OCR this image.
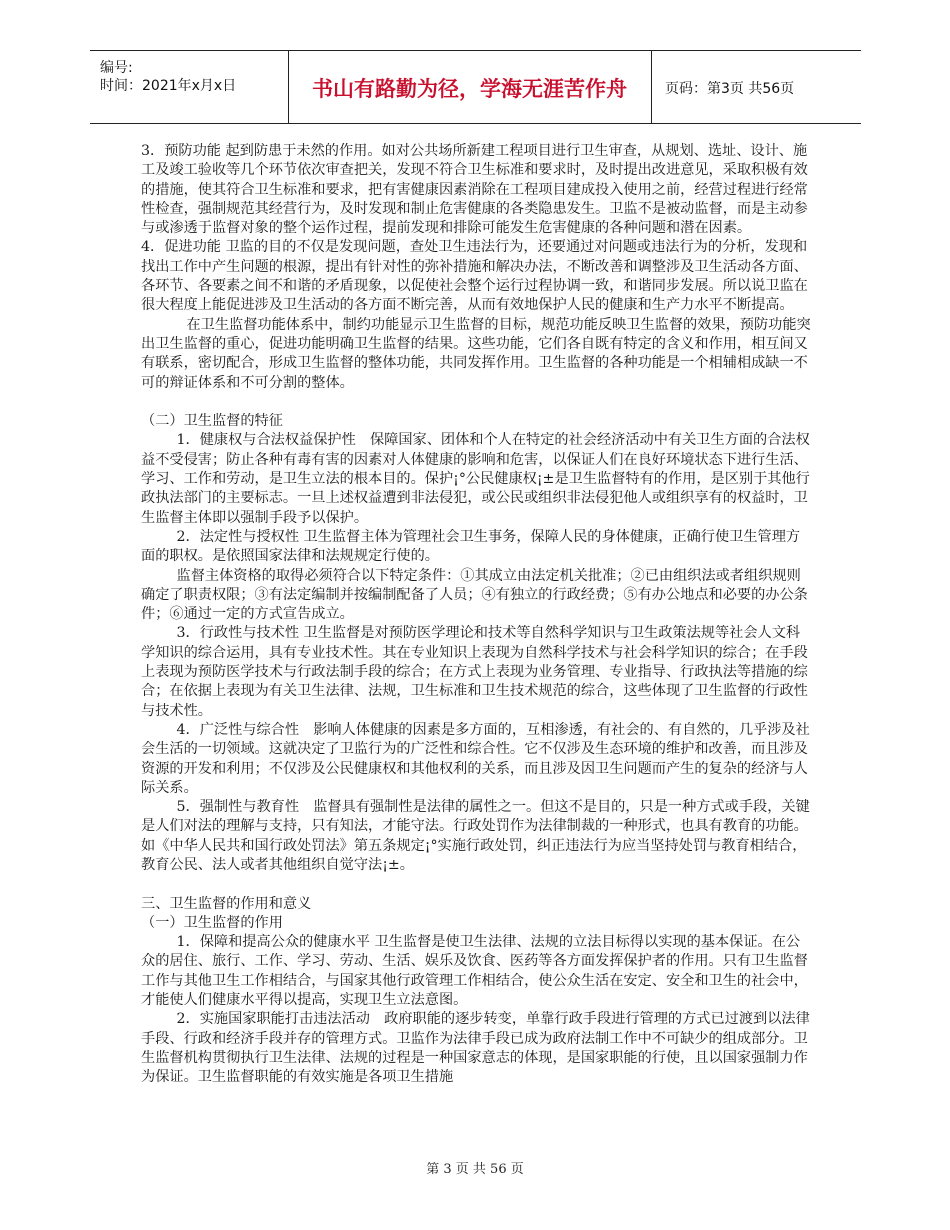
编号:
时间：2021年x月x日	书山有路勤为径，学海无涯苦作舟	页码：第3页 共56页

3．预防功能 起到防患于未然的作用。如对公共场所新建工程项目进行卫生审查，从规划、选址、设计、施工及竣工验收等几个环节依次审查把关，发现不符合卫生标准和要求时，及时提出改进意见，采取积极有效的措施，使其符合卫生标准和要求，把有害健康因素消除在工程项目建成投入使用之前，经营过程进行经常性检查，强制规范其经营行为，及时发现和制止危害健康的各类隐患发生。卫监不是被动监督，而是主动参与或渗透于监督对象的整个运作过程，提前发现和排除可能发生危害健康的各种问题和潜在因素。

4．促进功能 卫监的目的不仅是发现问题，查处卫生违法行为，还要通过对问题或违法行为的分析，发现和找出工作中产生问题的根源，提出有针对性的弥补措施和解决办法，不断改善和调整涉及卫生活动各方面、各环节、各要素之间不和谐的矛盾现象，以促使社会整个运行过程协调一致，和谐同步发展。所以说卫监在很大程度上能促进涉及卫生活动的各方面不断完善，从而有效地保护人民的健康和生产力水平不断提高。

在卫生监督功能体系中，制约功能显示卫生监督的目标，规范功能反映卫生监督的效果，预防功能突出卫生监督的重心，促进功能明确卫生监督的结果。这些功能，它们各自既有特定的含义和作用，相互间又有联系，密切配合，形成卫生监督的整体功能，共同发挥作用。卫生监督的各种功能是一个相辅相成缺一不可的辩证体系和不可分割的整体。

（二）卫生监督的特征

1．健康权与合法权益保护性　保障国家、团体和个人在特定的社会经济活动中有关卫生方面的合法权益不受侵害；防止各种有毒有害的因素对人体健康的影响和危害，以保证人们在良好环境状态下进行生活、学习、工作和劳动，是卫生立法的根本目的。保护¡°公民健康权¡±是卫生监督特有的作用，是区别于其他行政执法部门的主要标志。一旦上述权益遭到非法侵犯，或公民或组织非法侵犯他人或组织享有的权益时，卫生监督主体即以强制手段予以保护。

2．法定性与授权性 卫生监督主体为管理社会卫生事务，保障人民的身体健康，正确行使卫生管理方面的职权。是依照国家法律和法规规定行使的。

监督主体资格的取得必须符合以下特定条件：①其成立由法定机关批准；②已由组织法或者组织规则确定了职责权限；③有法定编制并按编制配备了人员；④有独立的行政经费；⑤有办公地点和必要的办公条件；⑥通过一定的方式宣告成立。

3．行政性与技术性 卫生监督是对预防医学理论和技术等自然科学知识与卫生政策法规等社会人文科学知识的综合运用，具有专业技术性。其在专业知识上表现为自然科学技术与社会科学知识的综合；在手段上表现为预防医学技术与行政法制手段的综合；在方式上表现为业务管理、专业指导、行政执法等措施的综合；在依据上表现为有关卫生法律、法规，卫生标准和卫生技术规范的综合，这些体现了卫生监督的行政性与技术性。

4．广泛性与综合性　影响人体健康的因素是多方面的，互相渗透，有社会的、有自然的，几乎涉及社会生活的一切领域。这就决定了卫监行为的广泛性和综合性。它不仅涉及生态环境的维护和改善，而且涉及资源的开发和利用；不仅涉及公民健康权和其他权利的关系，而且涉及因卫生问题而产生的复杂的经济与人际关系。

5．强制性与教育性　监督具有强制性是法律的属性之一。但这不是目的，只是一种方式或手段，关键是人们对法的理解与支持，只有知法，才能守法。行政处罚作为法律制裁的一种形式，也具有教育的功能。如《中华人民共和国行政处罚法》第五条规定¡°实施行政处罚，纠正违法行为应当坚持处罚与教育相结合，教育公民、法人或者其他组织自觉守法¡±。

三、卫生监督的作用和意义

（一）卫生监督的作用

1．保障和提高公众的健康水平 卫生监督是使卫生法律、法规的立法目标得以实现的基本保证。在公众的居住、旅行、工作、学习、劳动、生活、娱乐及饮食、医药等各方面发挥保护者的作用。只有卫生监督工作与其他卫生工作相结合，与国家其他行政管理工作相结合，使公众生活在安定、安全和卫生的社会中，才能使人们健康水平得以提高，实现卫生立法意图。

2．实施国家职能打击违法活动　政府职能的逐步转变，单靠行政手段进行管理的方式已过渡到以法律手段、行政和经济手段并存的管理方式。卫监作为法律手段已成为政府法制工作中不可缺少的组成部分。卫生监督机构贯彻执行卫生法律、法规的过程是一种国家意志的体现，是国家职能的行使，且以国家强制力作为保证。卫生监督职能的有效实施是各项卫生措施

第 3 页 共 56 页
